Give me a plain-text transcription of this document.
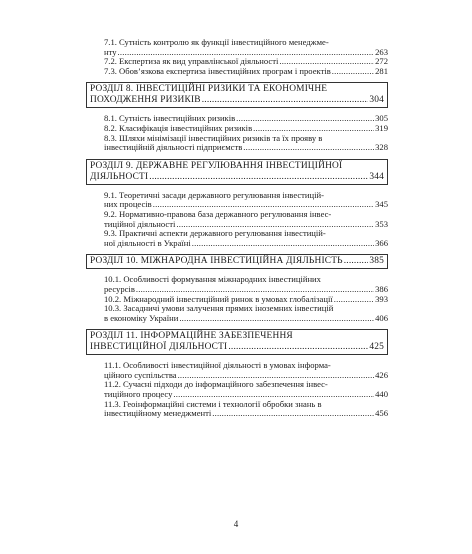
7.1. Сутність контролю як функції інвестиційного менеджме-
нту .....	263
7.2. Експертиза як вид управлінської діяльності .....	272
7.3. Обов’язкова експертиза інвестиційних програм і проектів .....	281
РОЗДІЛ 8. ІНВЕСТИЦІЙНІ РИЗИКИ ТА ЕКОНОМІЧНЕ
ПОХОДЖЕННЯ РИЗИКІВ .....	304
8.1. Сутність інвестиційних ризиків .....	305
8.2. Класифікація інвестиційних ризиків .....	319
8.3. Шляхи мінімізації інвестиційних ризиків та їх прояву в
інвестиційній діяльності підприємств .....	328
РОЗДІЛ 9. ДЕРЖАВНЕ РЕГУЛЮВАННЯ ІНВЕСТИЦІЙНОЇ
ДІЯЛЬНОСТІ .....	344
9.1. Теоретичні засади державного регулювання інвестицій-
них процесів .....	345
9.2. Нормативно-правова база державного регулювання інвес-
тиційної діяльності .....	353
9.3. Практичні аспекти державного регулювання інвестицій-
ної діяльності в Україні .....	366
РОЗДІЛ 10. МІЖНАРОДНА ІНВЕСТИЦІЙНА ДІЯЛЬНІСТЬ .....	385
10.1. Особливості формування міжнародних інвестиційних
ресурсів .....	386
10.2. Міжнародний інвестиційний ринок в умовах глобалізації .....	393
10.3. Засадничі умови залучення прямих іноземних інвестицій
в економіку України .....	406
РОЗДІЛ 11. ІНФОРМАЦІЙНЕ ЗАБЕЗПЕЧЕННЯ
ІНВЕСТИЦІЙНОЇ ДІЯЛЬНОСТІ .....	425
11.1. Особливості інвестиційної діяльності в умовах інформа-
ційного суспільства .....	426
11.2. Сучасні підходи до інформаційного забезпечення інвес-
тиційного процесу .....	440
11.3. Геоінформаційні системи і технології обробки знань в
інвестиційному менеджменті .....	456
4
